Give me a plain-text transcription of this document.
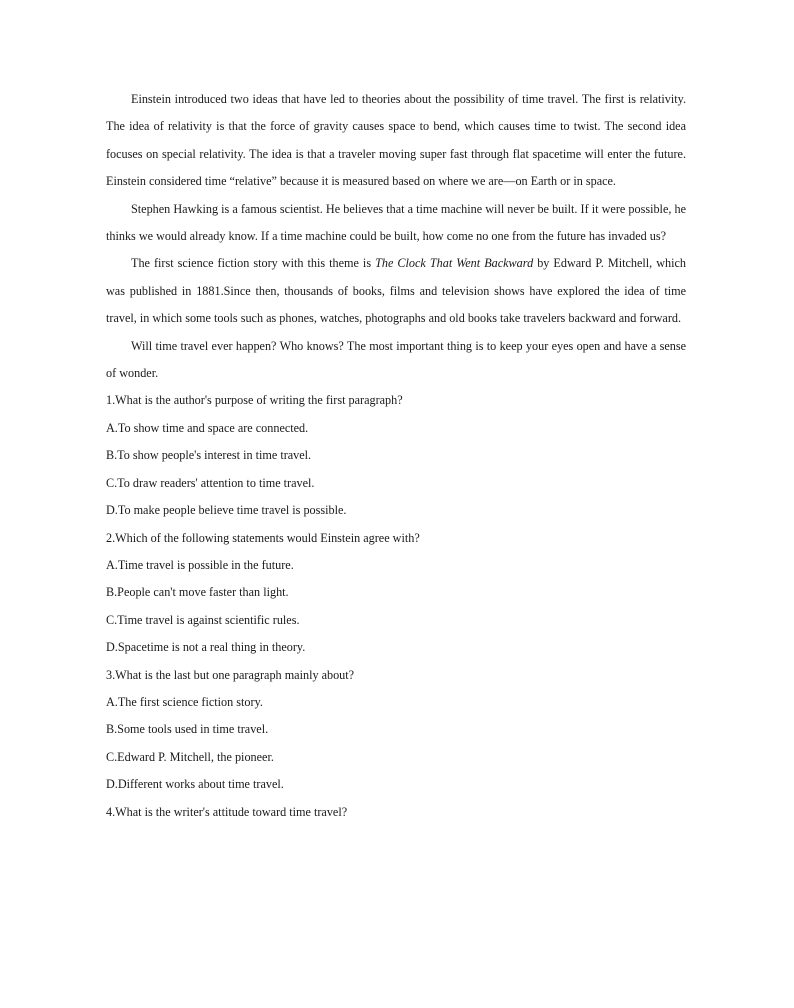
Einstein introduced two ideas that have led to theories about the possibility of time travel. The first is relativity. The idea of relativity is that the force of gravity causes space to bend, which causes time to twist. The second idea focuses on special relativity. The idea is that a traveler moving super fast through flat spacetime will enter the future. Einstein considered time “relative” because it is measured based on where we are—on Earth or in space.

Stephen Hawking is a famous scientist. He believes that a time machine will never be built. If it were possible, he thinks we would already know. If a time machine could be built, how come no one from the future has invaded us?

The first science fiction story with this theme is The Clock That Went Backward by Edward P. Mitchell, which was published in 1881.Since then, thousands of books, films and television shows have explored the idea of time travel, in which some tools such as phones, watches, photographs and old books take travelers backward and forward.

Will time travel ever happen? Who knows? The most important thing is to keep your eyes open and have a sense of wonder.

1.What is the author's purpose of writing the first paragraph?

A.To show time and space are connected.

B.To show people's interest in time travel.

C.To draw readers' attention to time travel.

D.To make people believe time travel is possible.

2.Which of the following statements would Einstein agree with?

A.Time travel is possible in the future.

B.People can't move faster than light.

C.Time travel is against scientific rules.

D.Spacetime is not a real thing in theory.

3.What is the last but one paragraph mainly about?

A.The first science fiction story.

B.Some tools used in time travel.

C.Edward P. Mitchell, the pioneer.

D.Different works about time travel.

4.What is the writer's attitude toward time travel?
